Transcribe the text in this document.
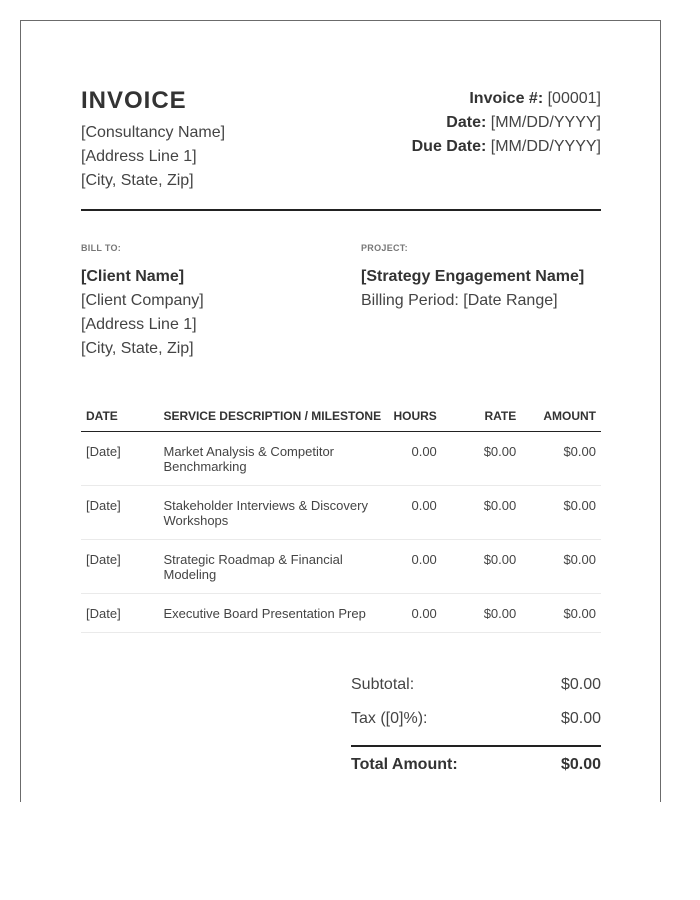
INVOICE
[Consultancy Name]
[Address Line 1]
[City, State, Zip]
Invoice #: [00001]
Date: [MM/DD/YYYY]
Due Date: [MM/DD/YYYY]
BILL TO:
[Client Name]
[Client Company]
[Address Line 1]
[City, State, Zip]
PROJECT:
[Strategy Engagement Name]
Billing Period: [Date Range]
DATE	SERVICE DESCRIPTION / MILESTONE	HOURS	RATE	AMOUNT
[Date]	Market Analysis & Competitor Benchmarking	0.00	$0.00	$0.00
[Date]	Stakeholder Interviews & Discovery Workshops	0.00	$0.00	$0.00
[Date]	Strategic Roadmap & Financial Modeling	0.00	$0.00	$0.00
[Date]	Executive Board Presentation Prep	0.00	$0.00	$0.00
Subtotal:	$0.00
Tax ([0]%):	$0.00
Total Amount:	$0.00
